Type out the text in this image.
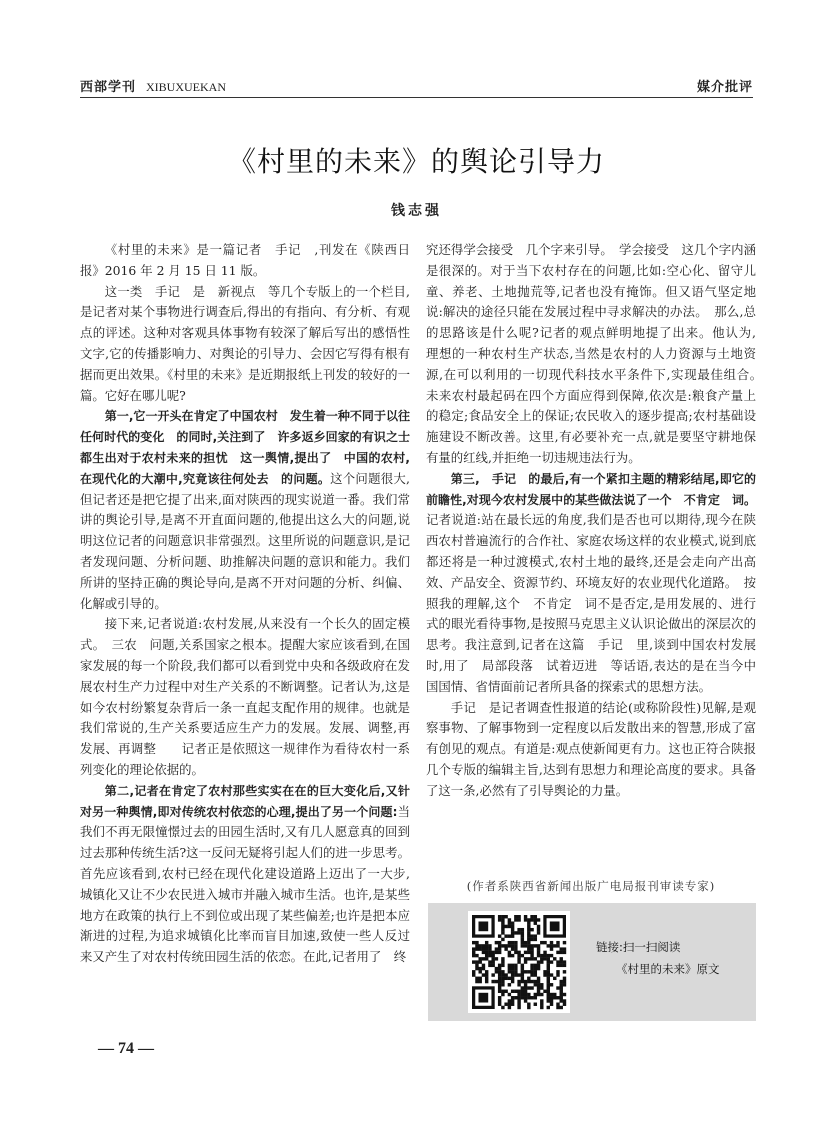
西部学刊 XIBUXUEKAN	媒介批评
《村里的未来》的舆论引导力
钱志强

《村里的未来》是一篇记者　手记　,刊发在《陕西日报》2016 年 2 月 15 日 11 版。

这一类　手记　是　新视点　等几个专版上的一个栏目,是记者对某个事物进行调查后,得出的有指向、有分析、有观点的评述。这种对客观具体事物有较深了解后写出的感悟性文字,它的传播影响力、对舆论的引导力、会因它写得有根有据而更出效果。《村里的未来》是近期报纸上刊发的较好的一篇。它好在哪儿呢?

第一,它一开头在肯定了中国农村　发生着一种不同于以往任何时代的变化　的同时,关注到了　许多返乡回家的有识之士都生出对于农村未来的担忧　这一舆情,提出了　中国的农村,在现代化的大潮中,究竟该往何处去　的问题。这个问题很大,但记者还是把它提了出来,面对陕西的现实说道一番。我们常讲的舆论引导,是离不开直面问题的,他提出这么大的问题,说明这位记者的问题意识非常强烈。这里所说的问题意识,是记者发现问题、分析问题、助推解决问题的意识和能力。我们所讲的坚持正确的舆论导向,是离不开对问题的分析、纠偏、化解或引导的。

接下来,记者说道:农村发展,从来没有一个长久的固定模式。　三农　问题,关系国家之根本。提醒大家应该看到,在国家发展的每一个阶段,我们都可以看到党中央和各级政府在发展农村生产力过程中对生产关系的不断调整。记者认为,这是如今农村纷繁复杂背后一条一直起支配作用的规律。也就是我们常说的,生产关系要适应生产力的发展。发展、调整,再发展、再调整　　记者正是依照这一规律作为看待农村一系列变化的理论依据的。

第二,记者在肯定了农村那些实实在在的巨大变化后,又针对另一种舆情,即对传统农村依恋的心理,提出了另一个问题:当我们不再无限憧憬过去的田园生活时,又有几人愿意真的回到过去那种传统生活?这一反问无疑将引起人们的进一步思考。首先应该看到,农村已经在现代化建设道路上迈出了一大步,城镇化又让不少农民进入城市并融入城市生活。也许,是某些地方在政策的执行上不到位或出现了某些偏差;也许是把本应渐进的过程,为追求城镇化比率而盲目加速,致使一些人反过来又产生了对农村传统田园生活的依恋。在此,记者用了　终

究还得学会接受　几个字来引导。　学会接受　这几个字内涵是很深的。对于当下农村存在的问题,比如:空心化、留守儿童、养老、土地抛荒等,记者也没有掩饰。但又语气坚定地说:解决的途径只能在发展过程中寻求解决的办法。　那么,总的思路该是什么呢?记者的观点鲜明地提了出来。他认为,　理想的一种农村生产状态,当然是农村的人力资源与土地资源,在可以利用的一切现代科技水平条件下,实现最佳组合。　未来农村最起码在四个方面应得到保障,依次是:粮食产量上的稳定;食品安全上的保证;农民收入的逐步提高;农村基础设施建设不断改善。这里,有必要补充一点,就是要坚守耕地保有量的红线,并拒绝一切违规违法行为。

第三,　手记　的最后,有一个紧扣主题的精彩结尾,即它的前瞻性,对现今农村发展中的某些做法说了一个　不肯定　词。记者说道:站在最长远的角度,我们是否也可以期待,现今在陕西农村普遍流行的合作社、家庭农场这样的农业模式,说到底都还将是一种过渡模式,农村土地的最终,还是会走向产出高效、产品安全、资源节约、环境友好的农业现代化道路。　按照我的理解,这个　不肯定　词不是否定,是用发展的、进行式的眼光看待事物,是按照马克思主义认识论做出的深层次的思考。我注意到,记者在这篇　手记　里,谈到中国农村发展时,用了　局部段落　试着迈进　等话语,表达的是在当今中国国情、省情面前记者所具备的探索式的思想方法。

手记　是记者调查性报道的结论(或称阶段性)见解,是观察事物、了解事物到一定程度以后发散出来的智慧,形成了富有创见的观点。有道是:观点使新闻更有力。这也正符合陕报几个专版的编辑主旨,达到有思想力和理论高度的要求。具备了这一条,必然有了引导舆论的力量。

(作者系陕西省新闻出版广电局报刊审读专家)
链接:扫一扫阅读
《村里的未来》原文
— 74 —
